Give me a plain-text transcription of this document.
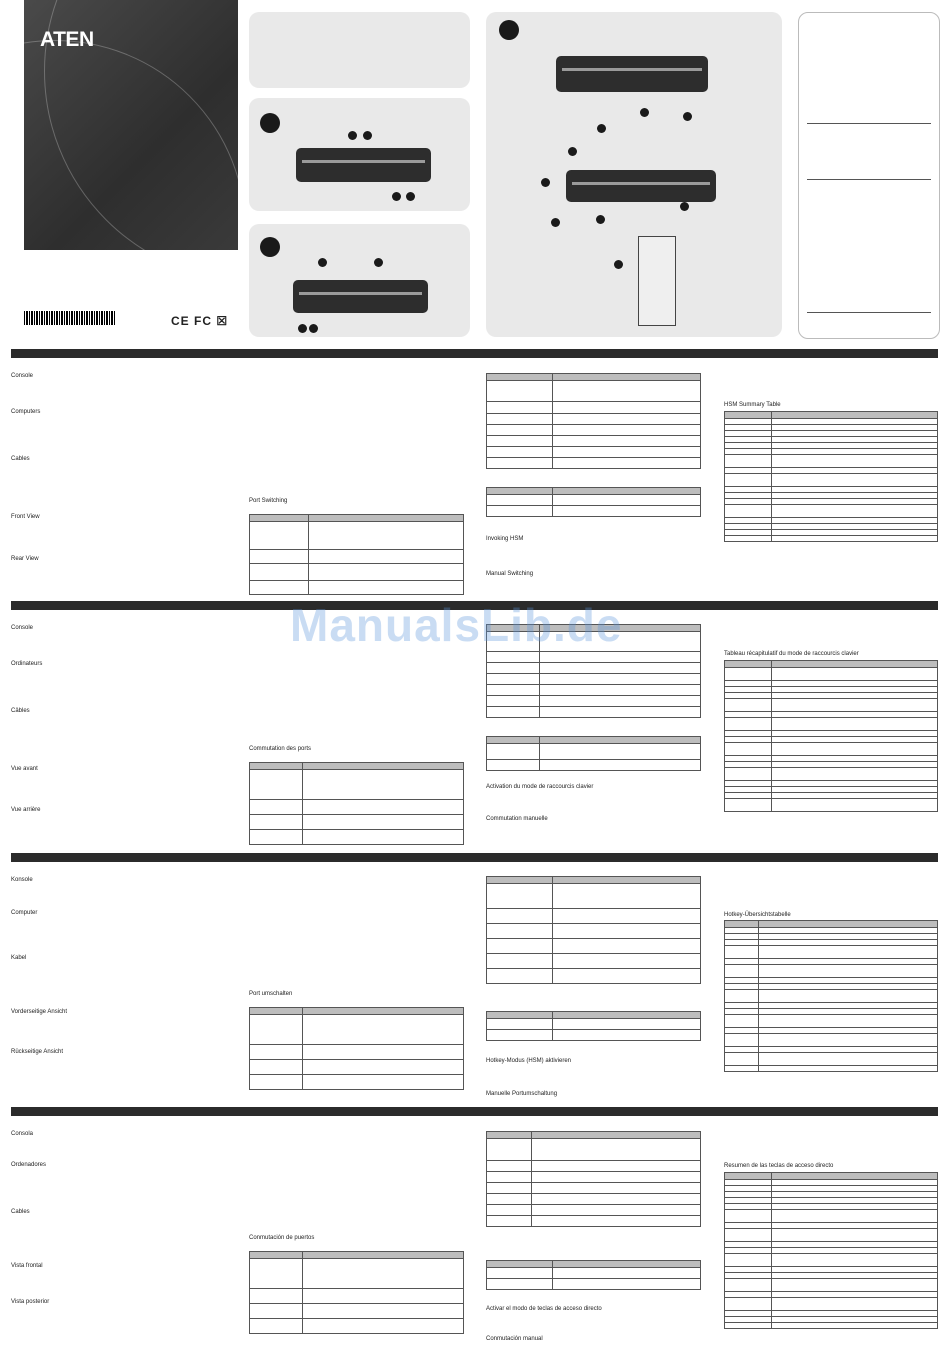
ATEN
CE FC ☒
Console
Computers
Cables
Front View
Rear View
Port Switching
Invoking HSM
Manual Switching
HSM Summary Table

Console
Ordinateurs
Câbles
Vue avant
Vue arrière
Commutation des ports
Activation du mode de raccourcis clavier
Commutation manuelle
Tableau récapitulatif du mode de raccourcis clavier

ManualsLib.de
Konsole
Computer
Kabel
Vorderseitige Ansicht
Rückseitige Ansicht
Port umschalten
Hotkey-Modus (HSM) aktivieren
Manuelle Portumschaltung
Hotkey-Übersichtstabelle

Consola
Ordenadores
Cables
Vista frontal
Vista posterior
Conmutación de puertos
Activar el modo de teclas de acceso directo
Conmutación manual
Resumen de las teclas de acceso directo
